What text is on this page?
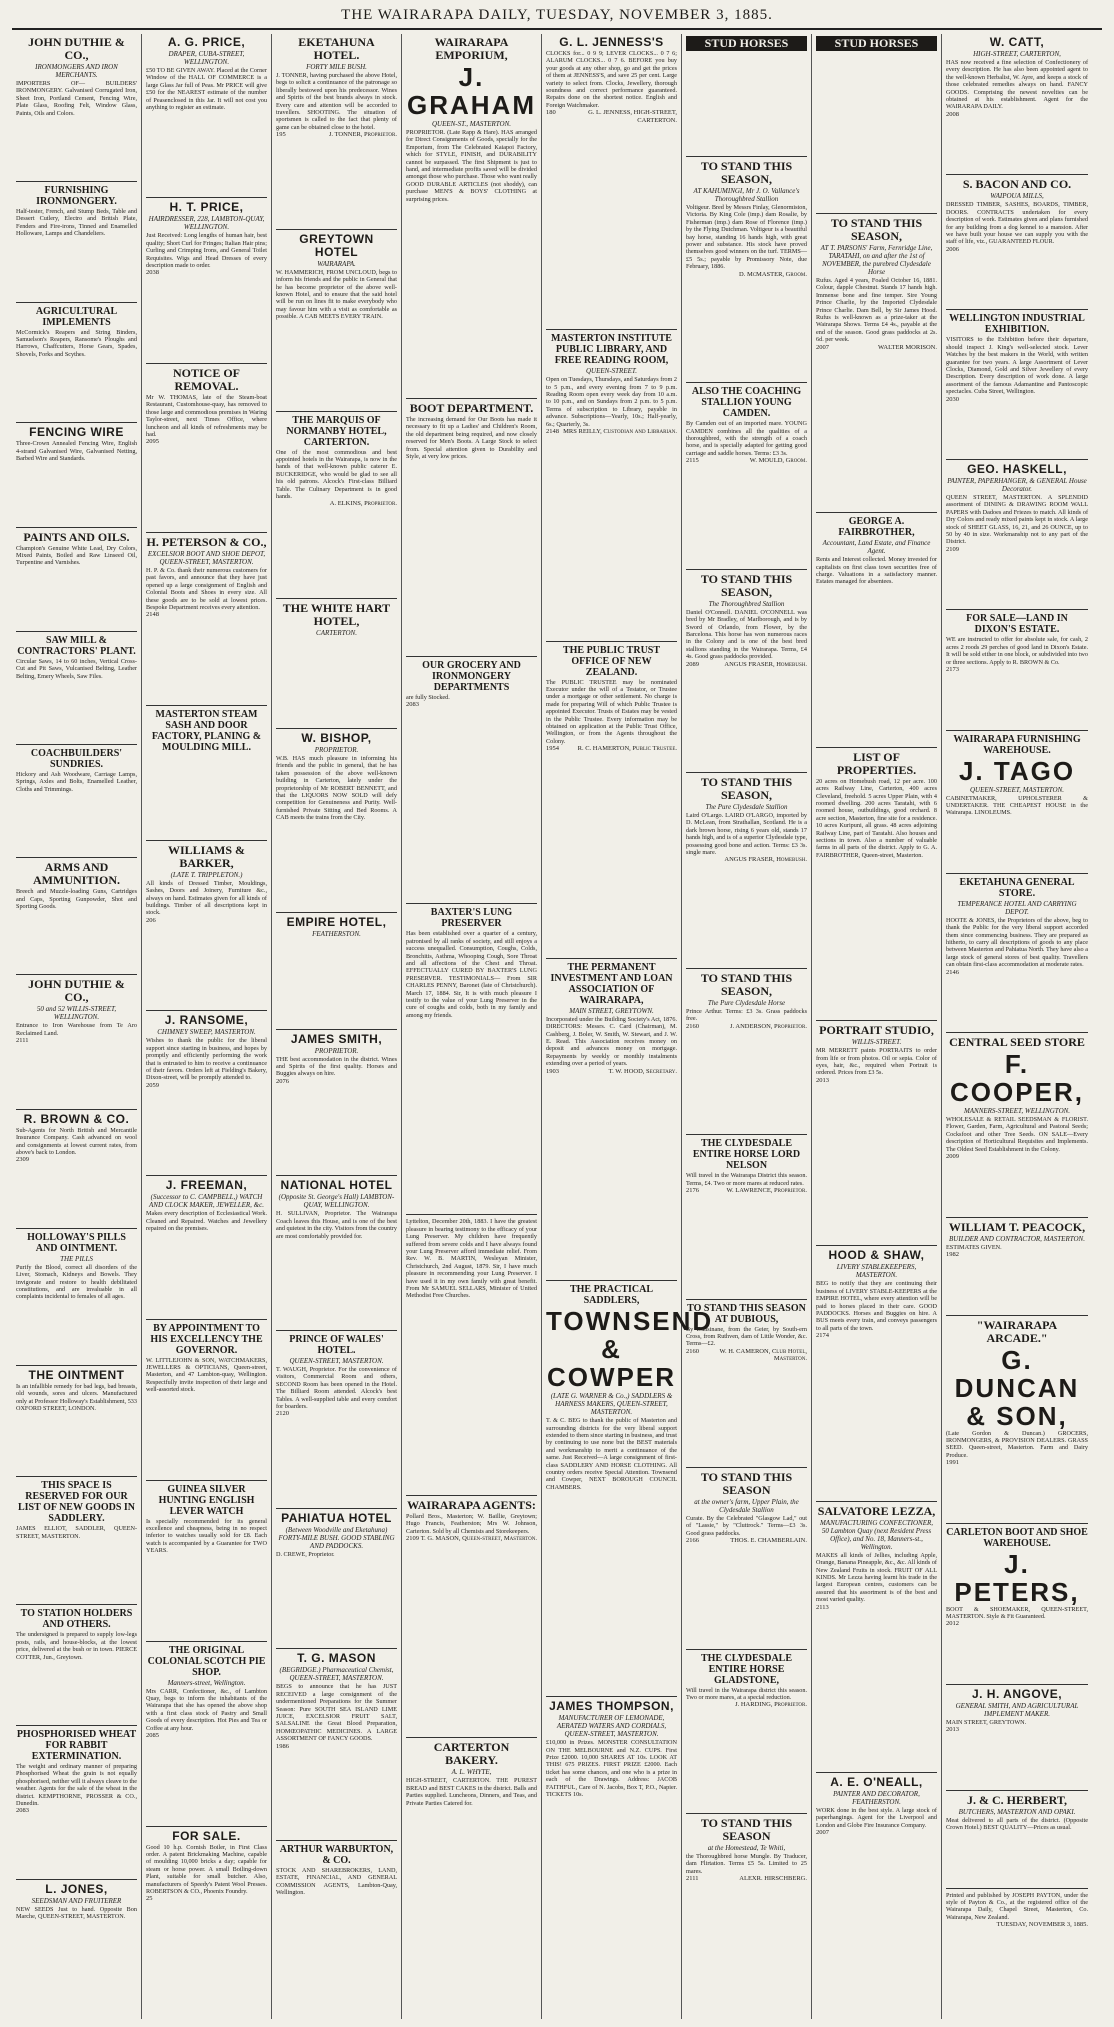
THE WAIRARAPA DAILY, TUESDAY, NOVEMBER 3, 1885.
JOHN DUTHIE & CO.,
IRONMONGERS AND IRON MERCHANTS.

IMPORTERS OF— BUILDERS' IRONMONGERY. Galvanised Corrugated Iron, Sheet Iron, Portland Cement, Fencing Wire, Plate Glass, Roofing Felt, Window Glass, Paints, Oils and Colors.

FURNISHING IRONMONGERY.

Half-tester, French, and Stump Beds, Table and Dessert Cutlery, Electro and British Plate, Fenders and Fire-irons, Tinned and Enamelled Holloware, Lamps and Chandeliers.

AGRICULTURAL IMPLEMENTS

McCormick's Reapers and String Binders, Samuelson's Reapers, Ransome's Ploughs and Harrows, Chaffcutters, Horse Gears, Spades, Shovels, Forks and Scythes.

FENCING WIRE

Three-Crown Annealed Fencing Wire, English 4-strand Galvanised Wire, Galvanised Netting, Barbed Wire and Standards.

PAINTS AND OILS.

Champion's Genuine White Lead, Dry Colors, Mixed Paints, Boiled and Raw Linseed Oil, Turpentine and Varnishes.

SAW MILL & CONTRACTORS' PLANT.

Circular Saws, 14 to 60 inches, Vertical Cross-Cut and Pit Saws, Vulcanised Belting, Leather Belting, Emery Wheels, Saw Files.

COACHBUILDERS' SUNDRIES.

Hickory and Ash Woodware, Carriage Lamps, Springs, Axles and Bolts, Enamelled Leather, Cloths and Trimmings.

ARMS AND AMMUNITION.

Breech and Muzzle-loading Guns, Cartridges and Caps, Sporting Gunpowder, Shot and Sporting Goods.

JOHN DUTHIE & CO.,
50 and 52 WILLIS-STREET, WELLINGTON.

Entrance to Iron Warehouse from Te Aro Reclaimed Land.

2111
R. BROWN & CO.

Sub-Agents for North British and Mercantile Insurance Company. Cash advanced on wool and consignments at lowest current rates, from above's back to London.

2309
HOLLOWAY'S PILLS AND OINTMENT.
THE PILLS

Purify the Blood, correct all disorders of the Liver, Stomach, Kidneys and Bowels. They invigorate and restore to health debilitated constitutions, and are invaluable in all complaints incidental to females of all ages.

THE OINTMENT

Is an infallible remedy for bad legs, bad breasts, old wounds, sores and ulcers. Manufactured only at Professor Holloway's Establishment, 533 OXFORD STREET, LONDON.

THIS SPACE IS RESERVED FOR OUR LIST OF NEW GOODS IN SADDLERY.

JAMES ELLIOT, SADDLER, QUEEN-STREET, MASTERTON.

TO STATION HOLDERS AND OTHERS.

The undersigned is prepared to supply low-legs posts, rails, and house-blocks, at the lowest price, delivered at the bush or in town. PIERCE COTTER, Jun., Greytown.

PHOSPHORISED WHEAT FOR RABBIT EXTERMINATION.

The weight and ordinary manner of preparing Phosphorised Wheat the grain is not equally phosphorised, neither will it always cleave to the weather. Agents for the sale of the wheat in the district. KEMPTHORNE, PROSSER & CO., Dunedin.

2083
L. JONES,
SEEDSMAN AND FRUITERER

NEW SEEDS Just to hand. Opposite Bon Marche, QUEEN-STREET, MASTERTON.

A. G. PRICE,
DRAPER, CUBA-STREET, WELLINGTON.

£50 TO BE GIVEN AWAY. Placed at the Corner Window of the HALL OF COMMERCE is a large Glass Jar full of Peas. Mr PRICE will give £50 for the NEAREST estimate of the number of Peasenclosed in this Jar. It will not cost you anything to register an estimate.

H. T. PRICE,
HAIRDRESSER, 228, LAMBTON-QUAY, WELLINGTON.

Just Received: Long lengths of human hair, best quality; Short Curl for Fringes; Italian Hair pins; Curling and Crimping Irons, and General Toilet Requisites. Wigs and Head Dresses of every description made to order.

2038
NOTICE OF REMOVAL.

Mr W. THOMAS, late of the Steam-boat Restaurant, Customhouse-quay, has removed to those large and commodious premises in Waring Taylor-street, next Times Office, where luncheon and all kinds of refreshments may be had.

2095
H. PETERSON & CO.,
EXCELSIOR BOOT AND SHOE DEPOT, QUEEN-STREET, MASTERTON.

H. P. & Co. thank their numerous customers for past favors, and announce that they have just opened up a large consignment of English and Colonial Boots and Shoes in every size. All these goods are to be sold at lowest prices. Bespoke Department receives every attention.

2148
MASTERTON STEAM SASH AND DOOR FACTORY, PLANING & MOULDING MILL.
WILLIAMS & BARKER,
(LATE T. TRIPPLETON.)

All kinds of Dressed Timber, Mouldings, Sashes, Doors and Joinery, Furniture &c., always on hand. Estimates given for all kinds of buildings. Timber of all descriptions kept in stock.

206
J. RANSOME,
CHIMNEY SWEEP, MASTERTON.

Wishes to thank the public for the liberal support since starting in business, and hopes by promptly and efficiently performing the work that is entrusted to him to receive a continuance of their favors. Orders left at Fielding's Bakery, Dixon-street, will be promptly attended to.

2059
J. FREEMAN,
(Successor to C. CAMPBELL,) WATCH AND CLOCK MAKER, JEWELLER, &c.

Makes every description of Ecclesiastical Work. Cleaned and Repaired. Watches and Jewellery repaired on the premises.

BY APPOINTMENT TO HIS EXCELLENCY THE GOVERNOR.

W. LITTLEJOHN & SON, WATCHMAKERS, JEWELLERS & OPTICIANS, Queen-street, Masterton, and 47 Lambton-quay, Wellington. Respectfully invite inspection of their large and well-assorted stock.

GUINEA SILVER HUNTING ENGLISH LEVER WATCH

Is specially recommended for its general excellence and cheapness, being in no respect inferior to watches usually sold for £8. Each watch is accompanied by a Guarantee for TWO YEARS.

THE ORIGINAL COLONIAL SCOTCH PIE SHOP.
Manners-street, Wellington.

Mrs CARR, Confectioner, &c., of Lambton Quay, begs to inform the inhabitants of the Wairarapa that she has opened the above shop with a first class stock of Pastry and Small Goods of every description. Hot Pies and Tea or Coffee at any hour.

2085
FOR SALE.

Good 10 h.p. Cornish Boiler, in First Class order. A patent Brickmaking Machine, capable of moulding 10,000 bricks a day; capable for steam or horse power. A small Boiling-down Plant, suitable for small butcher. Also, manufacturers of Speedy's Patent Wool Presses. ROBERTSON & CO., Phoenix Foundry.

25
EKETAHUNA HOTEL.
FORTY MILE BUSH.

J. TONNER, having purchased the above Hotel, begs to solicit a continuance of the patronage so liberally bestowed upon his predecessor. Wines and Spirits of the best brands always in stock. Every care and attention will be accorded to travellers. SHOOTING. The situation of sportsmen is called to the fact that plenty of game can be obtained close to the hotel.

195	J. TONNER, Proprietor.
GREYTOWN HOTEL
WAIRARAPA.

W. HAMMERICH, FROM UNCLOUD, begs to inform his friends and the public in General that he has become proprietor of the above well-known Hotel, and to ensure that the said hotel will be run on lines fit to make everybody who may favour him with a visit as comfortable as possible. A CAB MEETS EVERY TRAIN.

THE MARQUIS OF NORMANBY HOTEL, CARTERTON.

One of the most commodious and best appointed hotels in the Wairarapa, is now in the hands of that well-known public caterer E. BUCKERIDGE, who would be glad to see all his old patrons. Alcock's First-class Billiard Table. The Culinary Department is in good hands.

A. ELKINS, Proprietor.
THE WHITE HART HOTEL,
CARTERTON.
W. BISHOP,
PROPRIETOR.

W.B. HAS much pleasure in informing his friends and the public in general, that he has taken possession of the above well-known building in Carterton, lately under the proprietorship of Mr ROBERT BENNETT, and that the LIQUORS NOW SOLD will defy competition for Genuineness and Purity. Well-furnished Private Sitting and Bed Rooms. A CAB meets the trains from the City.

EMPIRE HOTEL,
FEATHERSTON.
JAMES SMITH,
PROPRIETOR.

THE best accommodation in the district. Wines and Spirits of the first quality. Horses and Buggies always on hire.

2076
NATIONAL HOTEL
(Opposite St. George's Hall) LAMBTON-QUAY, WELLINGTON.

H. SULLIVAN, Proprietor. The Wairarapa Coach leaves this House, and is one of the best and quietest in the city. Visitors from the country are most comfortably provided for.

PRINCE OF WALES' HOTEL.
QUEEN-STREET, MASTERTON.

T. WAUGH, Proprietor. For the convenience of visitors, Commercial Room and others, SECOND Room has been opened in the Hotel. The Billiard Room attended. Alcock's best Tables. A well-supplied table and every comfort for boarders.

2120
PAHIATUA HOTEL
(Between Woodville and Eketahuna) FORTY-MILE BUSH. GOOD STABLING AND PADDOCKS.

D. CREWE, Proprietor.

T. G. MASON
(BEGRIDGE.) Pharmaceutical Chemist, QUEEN-STREET, MASTERTON.

BEGS to announce that he has JUST RECEIVED a large consignment of the undermentioned Preparations for the Summer Season: Pure SOUTH SEA ISLAND LIME JUICE, EXCELSIOR FRUIT SALT, SALSALINE the Great Blood Preparation, HOMŒOPATHIC MEDICINES. A LARGE ASSORTMENT OF FANCY GOODS.

1986
ARTHUR WARBURTON, & CO.

STOCK AND SHAREBROKERS, LAND, ESTATE, FINANCIAL, AND GENERAL COMMISSION AGENTS, Lambton-Quay, Wellington.

WAIRARAPA EMPORIUM,
J. GRAHAM
QUEEN-ST., MASTERTON.

PROPRIETOR. (Late Rapp & Hare). HAS arranged for Direct Consignments of Goods, specially for the Emporium, from The Celebrated Kaiapoi Factory, which for STYLE, FINISH, and DURABILITY cannot be surpassed. The first Shipment is just to hand, and intermediate profits saved will be divided amongst those who purchase. Those who want really GOOD DURABLE ARTICLES (not shoddy), can purchase MEN'S & BOYS' CLOTHING at surprising prices.

BOOT DEPARTMENT.

The increasing demand for Our Boots has made it necessary to fit up a Ladies' and Children's Room, the old department being required, and now closely reserved for Men's Boots. A Large Stock to select from. Special attention given to Durability and Style, at very low prices.

OUR GROCERY AND IRONMONGERY DEPARTMENTS

are fully Stocked.

2083
BAXTER'S LUNG PRESERVER

Has been established over a quarter of a century, patronised by all ranks of society, and still enjoys a success unequalled. Consumption, Coughs, Colds, Bronchitis, Asthma, Whooping Cough, Sore Throat and all affections of the Chest and Throat. EFFECTUALLY CURED BY BAXTER'S LUNG PRESERVER. TESTIMONIALS— From SIR CHARLES PENNY, Baronet (late of Christchurch). March 17, 1884. Sir, It is with much pleasure I testify to the value of your Lung Preserver in the cure of coughs and colds, both in my family and among my friends.

Lyttelton, December 20th, 1883. I have the greatest pleasure in bearing testimony to the efficacy of your Lung Preserver. My children have frequently suffered from severe colds and I have always found your Lung Preserver afford immediate relief. From Rev. W. B. MARTIN, Wesleyan Minister, Christchurch, 2nd August, 1879. Sir, I have much pleasure in recommending your Lung Preserver. I have used it in my own family with great benefit. From Mr SAMUEL SELLARS, Minister of United Methodist Free Churches.

WAIRARAPA AGENTS:

Pollard Bros., Masterton; W. Baillie, Greytown; Hugo Francis, Featherston; Mrs W. Johnson, Carterton. Sold by all Chemists and Storekeepers.

2109 T. G. MASON, Queen-street, Masterton.
CARTERTON BAKERY.
A. L. WHYTE,

HIGH-STREET, CARTERTON. THE PUREST BREAD and BEST CAKES in the district. Balls and Parties supplied. Luncheons, Dinners, and Teas, and Private Parties Catered for.

G. L. JENNESS'S

CLOCKS for... 0 9 9; LEVER CLOCKS... 0 7 6; ALARUM CLOCKS... 0 7 6. BEFORE you buy your goods at any other shop, go and get the prices of them at JENNESS'S, and save 25 per cent. Large variety to select from. Clocks, Jewellery, thorough soundness and correct performance guaranteed. Repairs done on the shortest notice. English and Foreign Watchmaker.

180	G. L. JENNESS, HIGH-STREET, CARTERTON.
MASTERTON INSTITUTE PUBLIC LIBRARY, AND FREE READING ROOM,
QUEEN-STREET.

Open on Tuesdays, Thursdays, and Saturdays from 2 to 5 p.m., and every evening from 7 to 9 p.m. Reading Room open every week day from 10 a.m. to 10 p.m., and on Sundays from 2 p.m. to 5 p.m. Terms of subscription to Library, payable in advance. Subscriptions—Yearly, 10s.; Half-yearly, 6s.; Quarterly, 3s.

2148 MRS REILLY, Custodian and Librarian.
THE PUBLIC TRUST OFFICE OF NEW ZEALAND.

The PUBLIC TRUSTEE may be nominated Executor under the will of a Testator, or Trustee under a mortgage or other settlement. No charge is made for preparing Will of which Public Trustee is appointed Executor. Trusts of Estates may be vested in the Public Trustee. Every information may be obtained on application at the Public Trust Office, Wellington, or from the Agents throughout the Colony.

1954	R. C. HAMERTON, Public Trustee.
THE PERMANENT INVESTMENT AND LOAN ASSOCIATION OF WAIRARAPA,
MAIN STREET, GREYTOWN.

Incorporated under the Building Society's Act, 1876. DIRECTORS: Messrs. C. Card (Chairman), M. Cashberg, J. Boler, W. Smith, W. Stewart, and J. W. E. Read. This Association receives money on deposit and advances money on mortgage. Repayments by weekly or monthly instalments extending over a period of years.

1903	T. W. HOOD, Secretary.
THE PRACTICAL SADDLERS,
TOWNSEND & COWPER
(LATE G. WARNER & Co.,) SADDLERS & HARNESS MAKERS, QUEEN-STREET, MASTERTON.

T. & C. BEG to thank the public of Masterton and surrounding districts for the very liberal support extended to them since starting in business, and trust by continuing to use none but the BEST materials and workmanship to merit a continuance of the same. Just Received—A large consignment of first-class SADDLERY AND HORSE CLOTHING. All country orders receive Special Attention. Townsend and Cowper, NEXT BOROUGH COUNCIL CHAMBERS.

JAMES THOMPSON,
MANUFACTURER OF LEMONADE, AERATED WATERS AND CORDIALS, QUEEN-STREET, MASTERTON.

£10,000 in Prizes. MONSTER CONSULTATION ON THE MELBOURNE and N.Z. CUPS. First Prize £2000. 10,000 SHARES AT 10s. LOOK AT THIS! 675 PRIZES. FIRST PRIZE £2000. Each ticket has some chances, and one who is a prize in each of the Drawings. Address: JACOB FAITHFUL, Care of N. Jacobs, Box T, P.O., Napier. TICKETS 10s.

STUD HORSES
TO STAND THIS SEASON,
AT KAHUMINGI, Mr J. O. Vallance's Thoroughbred Stallion

Voltigeur. Bred by Messrs Finlay, Glenormiston, Victoria. By King Cole (imp.) dam Rosalie, by Fisherman (imp.) dam Rose of Florence (imp.) by the Flying Dutchman. Voltigeur is a beautiful bay horse, standing 16 hands high, with great power and substance. His stock have proved themselves good winners on the turf. TERMS—£5 5s.; payable by Promissory Note, due February, 1886.

D. McMASTER, Groom.
ALSO THE COACHING STALLION YOUNG CAMDEN.

By Camden out of an imported mare. YOUNG CAMDEN combines all the qualities of a thoroughbred, with the strength of a coach horse, and is specially adapted for getting good carriage and saddle horses. Terms: £3 3s.

2115	W. MOULD, Groom.
TO STAND THIS SEASON,
The Thoroughbred Stallion

Daniel O'Connell. DANIEL O'CONNELL was bred by Mr Bradley, of Marlborough, and is by Sword of Orlando, from Flower, by the Barcelona. This horse has won numerous races in the Colony and is one of the best bred stallions standing in the Wairarapa. Terms, £4 4s. Good grass paddocks provided.

2089	ANGUS FRASER, Homebush.
TO STAND THIS SEASON,
The Pure Clydesdale Stallion

Laird O'Largo. LAIRD O'LARGO, imported by D. McLean, from Strathallan, Scotland. He is a dark brown horse, rising 6 years old, stands 17 hands high, and is of a superior Clydesdale type, possessing good bone and action. Terms: £3 3s. single mare.

ANGUS FRASER, Homebush.
TO STAND THIS SEASON,
The Pure Clydesdale Horse

Prince Arthur. Terms: £3 3s. Grass paddocks free.

2160	J. ANDERSON, Proprietor.
THE CLYDESDALE ENTIRE HORSE LORD NELSON

Will travel in the Wairarapa District this season. Terms, £4. Two or more mares at reduced rates.

2176	W. LAWRENCE, Proprietor.
TO STAND THIS SEASON AT DUBIOUS,

By Dunsinane, from the Geier, by South-ern Cross, from Ruthven, dam of Little Wonder, &c. Terms—£2.

2160	W. H. CAMERON, Club Hotel, Masterton.
TO STAND THIS SEASON
at the owner's farm, Upper Plain, the Clydesdale Stallion

Curate. By the Celebrated "Glasgow Lad," out of "Lassie," by "Cluttrock." Terms—£3 3s. Good grass paddocks.

2166	THOS. E. CHAMBERLAIN.
THE CLYDESDALE ENTIRE HORSE GLADSTONE,

Will travel in the Wairarapa district this season. Two or more mares, at a special reduction.

J. HARDING, Proprietor.
TO STAND THIS SEASON
at the Homestead, Te Whiti,

the Thoroughbred horse Mungle. By Traducer, dam Flirtation. Terms £5 5s. Limited to 25 mares.

2111	ALEXR. HIRSCHBERG.
STUD HORSES
TO STAND THIS SEASON,
AT T. PARSONS' Farm, Fernridge Line, TARATAHI, on and after the 1st of NOVEMBER, the purebred Clydesdale Horse

Rufus. Aged 4 years, Foaled October 16, 1881. Colour, dapple Chestnut. Stands 17 hands high. Immense bone and fine temper. Sire Young Prince Charlie, by the Imported Clydesdale Prince Charlie. Dam Bell, by Sir James Hood. Rufus is well-known as a prize-taker at the Wairarapa Shows. Terms £4 4s., payable at the end of the season. Good grass paddocks at 2s. 6d. per week.

2007	WALTER MORISON.
GEORGE A. FAIRBROTHER,
Accountant, Land Estate, and Finance Agent.

Rents and Interest collected. Money invested for capitalists on first class town securities free of charge. Valuations in a satisfactory manner. Estates managed for absentees.

LIST OF PROPERTIES.

20 acres on Homebush road, 12 per acre. 100 acres Railway Line, Carterton, 400 acres Cleveland, freehold. 5 acres Upper Plain, with 4 roomed dwelling. 200 acres Taratahi, with 6 roomed house, outbuildings, good orchard. 8 acre section, Masterton, fine site for a residence. 10 acres Kuripuni, all grass. 48 acres adjoining Railway Line, part of Taratahi. Also houses and sections in town. Also a number of valuable farms in all parts of the district. Apply to G. A. FAIRBROTHER, Queen-street, Masterton.

PORTRAIT STUDIO,
WILLIS-STREET.

MR MERRETT paints PORTRAITS to order from life or from photos. Oil or sepia. Color of eyes, hair, &c., required when Portrait is ordered. Prices from £3 5s.

2013
HOOD & SHAW,
LIVERY STABLEKEEPERS, MASTERTON.

BEG to notify that they are continuing their business of LIVERY STABLE-KEEPERS at the EMPIRE HOTEL, where every attention will be paid to horses placed in their care. GOOD PADDOCKS. Horses and Buggies on hire. A BUS meets every train, and conveys passengers to all parts of the town.

2174
SALVATORE LEZZA,
MANUFACTURING CONFECTIONER, 50 Lambton Quay (next Resident Press Office), and No. 18, Manners-st., Wellington.

MAKES all kinds of Jellies, including Apple, Orange, Banana Pineapple, &c., &c. All kinds of New Zealand Fruits in stock. FRUIT OF ALL KINDS. Mr Lezza having learnt his trade in the largest European centres, customers can be assured that his assortment is of the best and most varied quality.

2113
A. E. O'NEALL,
PAINTER AND DECORATOR, FEATHERSTON.

WORK done in the best style. A large stock of paperhangings. Agent for the Liverpool and London and Globe Fire Insurance Company.

2007
W. CATT,
HIGH-STREET, CARTERTON,

HAS now received a fine selection of Confectionery of every description. He has also been appointed agent to the well-known Herbalist, W. Ayre, and keeps a stock of those celebrated remedies always on hand. FANCY GOODS. Comprising the newest novelties can be obtained at his establishment. Agent for the WAIRARAPA DAILY.

2008
S. BACON AND CO.
WAIPOUA MILLS,

DRESSED TIMBER, SASHES, BOARDS, TIMBER, DOORS. CONTRACTS undertaken for every description of work. Estimates given and plans furnished for any building from a dog kennel to a mansion. After we have built your house we can supply you with the staff of life, viz., GUARANTEED FLOUR.

2006
WELLINGTON INDUSTRIAL EXHIBITION.

VISITORS to the Exhibition before their departure, should inspect J. King's well-selected stock. Lever Watches by the best makers in the World, with written guarantee for two years. A large Assortment of Lever Clocks, Diamond, Gold and Silver Jewellery of every Description. Every description of work done. A large assortment of the famous Adamantine and Pantoscopic spectacles. Cuba Street, Wellington.

2030
GEO. HASKELL,
PAINTER, PAPERHANGER, & GENERAL House Decorator.

QUEEN STREET, MASTERTON. A SPLENDID assortment of DINING & DRAWING ROOM WALL PAPERS with Dadoes and Friezes to match. All kinds of Dry Colors and ready mixed paints kept in stock. A large stock of SHEET GLASS, 16, 21, and 26 OUNCE, up to 50 by 40 in size. Workmanship not to any part of the District.

2109
FOR SALE—LAND IN DIXON'S ESTATE.

WE are instructed to offer for absolute sale, for cash, 2 acres 2 roods 29 perches of good land in Dixon's Estate. It will be sold either in one block, or subdivided into two or three sections. Apply to R. BROWN & Co.

2173
WAIRARAPA FURNISHING WAREHOUSE.
J. TAGO
QUEEN-STREET, MASTERTON.

CABINETMAKER, UPHOLSTERER & UNDERTAKER. THE CHEAPEST HOUSE in the Wairarapa. LINOLEUMS.

EKETAHUNA GENERAL STORE.
TEMPERANCE HOTEL AND CARRYING DEPOT.

HOOTE & JONES, the Proprietors of the above, beg to thank the Public for the very liberal support accorded them since commencing business. They are prepared as hitherto, to carry all descriptions of goods to any place between Masterton and Pahiatua North. They have also a large stock of general stores of best quality. Travellers can obtain first-class accommodation at moderate rates.

2146
CENTRAL SEED STORE
F. COOPER,
MANNERS-STREET, WELLINGTON.

WHOLESALE & RETAIL SEEDSMAN & FLORIST. Flower, Garden, Farm, Agricultural and Pastoral Seeds; Cocksfoot and other Tree Seeds. ON SALE—Every description of Horticultural Requisites and Implements. The Oldest Seed Establishment in the Colony.

2009
WILLIAM T. PEACOCK,
BUILDER AND CONTRACTOR, MASTERTON.

ESTIMATES GIVEN.

1982
"WAIRARAPA ARCADE."
G. DUNCAN & SON,

(Late Gordon & Duncan.) GROCERS, IRONMONGERS, & PROVISION DEALERS. GRASS SEED. Queen-street, Masterton. Farm and Dairy Produce.

1991
CARLETON BOOT AND SHOE WAREHOUSE.
J. PETERS,

BOOT & SHOEMAKER, QUEEN-STREET, MASTERTON. Style & Fit Guaranteed.

2012
J. H. ANGOVE,
GENERAL SMITH, AND AGRICULTURAL IMPLEMENT MAKER.

MAIN STREET, GREYTOWN.

2013
J. & C. HERBERT,
BUTCHERS, MASTERTON AND OPAKI.

Meat delivered to all parts of the district. (Opposite Crown Hotel.) BEST QUALITY—Prices as usual.

Printed and published by JOSEPH PAYTON, under the style of Payton & Co., at the registered office of the Wairarapa Daily, Chapel Street, Masterton, Co. Wairarapa, New Zealand.

TUESDAY, NOVEMBER 3, 1885.
